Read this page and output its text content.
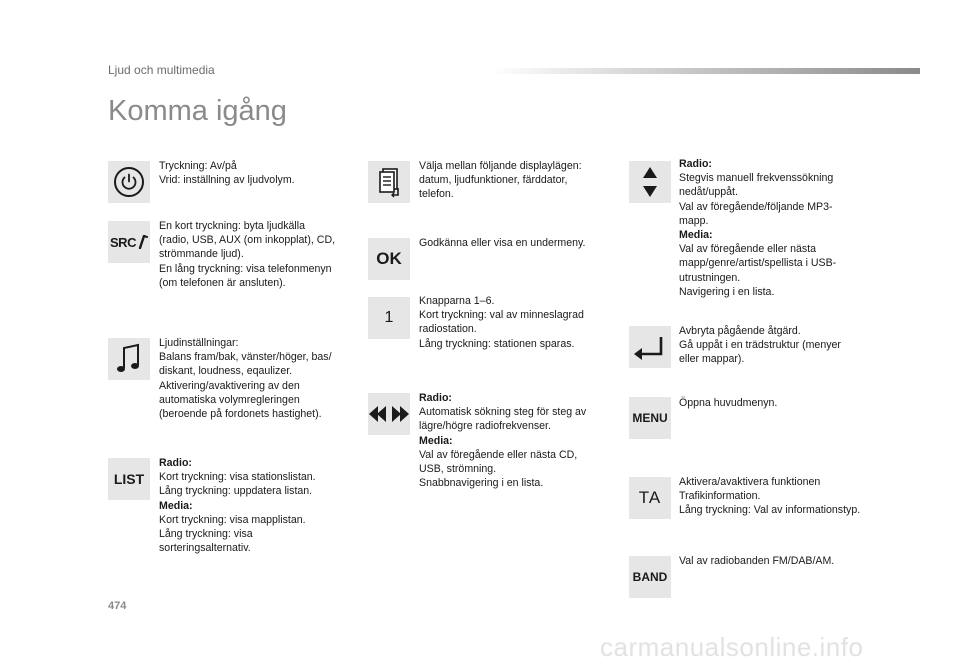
Ljud och multimedia
Komma igång
Tryckning: Av/på
Vrid: inställning av ljudvolym.
SRC
En kort tryckning: byta ljudkälla
(radio, USB, AUX (om inkopplat), CD,
strömmande ljud).
En lång tryckning: visa telefonmenyn
(om telefonen är ansluten).
Ljudinställningar:
Balans fram/bak, vänster/höger, bas/
diskant, loudness, eqaulizer.
Aktivering/avaktivering av den
automatiska volymregleringen
(beroende på fordonets hastighet).
LIST
Radio:
Kort tryckning: visa stationslistan.
Lång tryckning: uppdatera listan.
Media:
Kort tryckning: visa mapplistan.
Lång tryckning: visa
sorteringsalternativ.
Välja mellan följande displaylägen:
datum, ljudfunktioner, färddator,
telefon.
OK
Godkänna eller visa en undermeny.
1
Knapparna 1–6.
Kort tryckning: val av minneslagrad
radiostation.
Lång tryckning: stationen sparas.
Radio:
Automatisk sökning steg för steg av
lägre/högre radiofrekvenser.
Media:
Val av föregående eller nästa CD,
USB, strömning.
Snabbnavigering i en lista.
Radio:
Stegvis manuell frekvenssökning
nedåt/uppåt.
Val av föregående/följande MP3-
mapp.
Media:
Val av föregående eller nästa
mapp/genre/artist/spellista i USB-
utrustningen.
Navigering i en lista.
Avbryta pågående åtgärd.
Gå uppåt i en trädstruktur (menyer
eller mappar).
MENU
Öppna huvudmenyn.
TA
Aktivera/avaktivera funktionen
Trafikinformation.
Lång tryckning: Val av informationstyp.
BAND
Val av radiobanden FM/DAB/AM.
474
carmanualsonline.info
